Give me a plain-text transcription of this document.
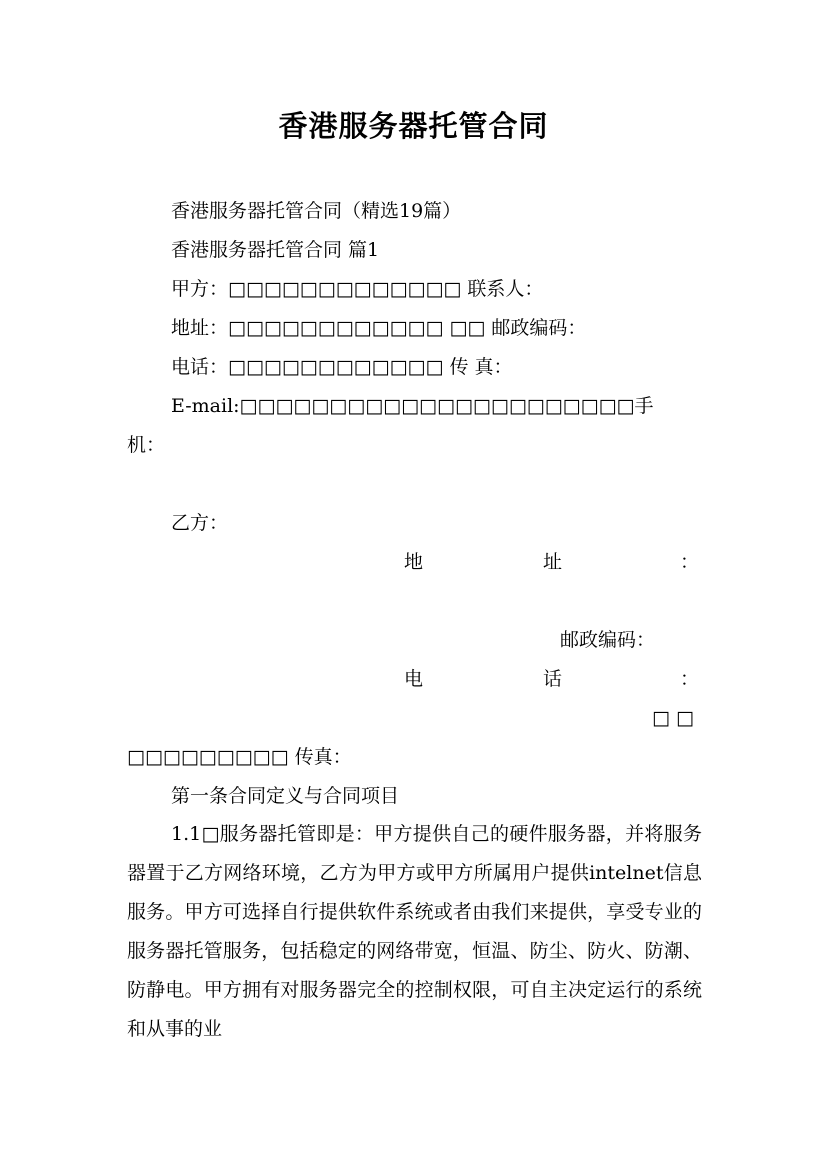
香港服务器托管合同
香港服务器托管合同（精选19篇）
香港服务器托管合同 篇1
甲方：□□□□□□□□□□□□□ 联系人：
地址：□□□□□□□□□□□□ □□ 邮政编码：
电话：□□□□□□□□□□□□ 传 真：
E-mail:□□□□□□□□□□□□□□□□□□□□□□手
机：
乙方：
地	址	：
邮政编码：
电	话	：
□ □
□□□□□□□□□ 传真：
第一条合同定义与合同项目
1.1□服务器托管即是：甲方提供自己的硬件服务器，并将服务器置于乙方网络环境，乙方为甲方或甲方所属用户提供intelnet信息服务。甲方可选择自行提供软件系统或者由我们来提供，享受专业的服务器托管服务，包括稳定的网络带宽，恒温、防尘、防火、防潮、防静电。甲方拥有对服务器完全的控制权限，可自主决定运行的系统和从事的业
